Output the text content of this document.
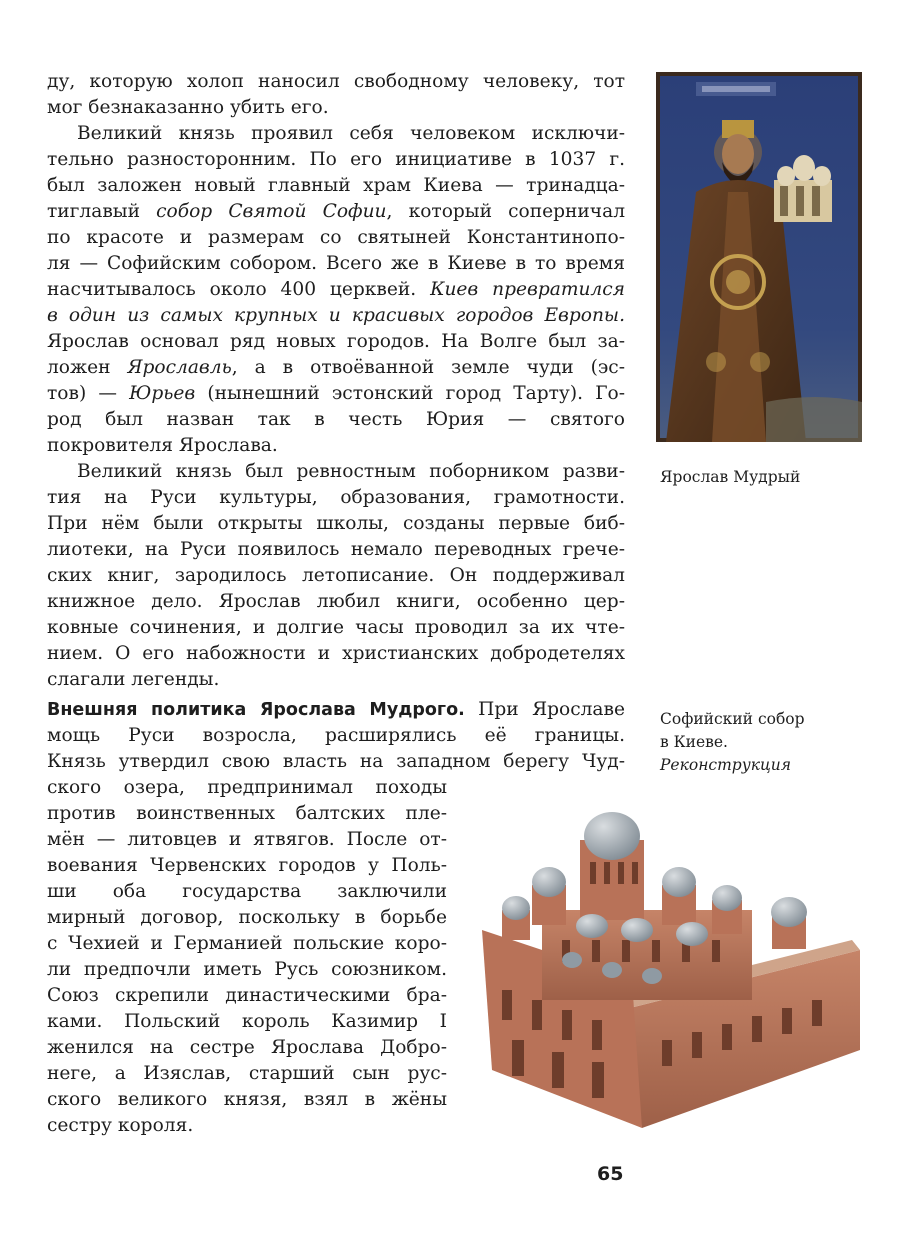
ду, которую холоп наносил свободному человеку, тот
мог безнаказанно убить его.
Великий князь проявил себя человеком исключи-
тельно разносторонним. По его инициативе в 1037 г.
был заложен новый главный храм Киева — тринадца-
тиглавый собор Святой Софии, который соперничал
по красоте и размерам со святыней Константинопо-
ля — Софийским собором. Всего же в Киеве в то время
насчитывалось около 400 церквей. Киев превратился
в один из самых крупных и красивых городов Европы.
Ярослав основал ряд новых городов. На Волге был за-
ложен Ярославль, а в отвоёванной земле чуди (эс-
тов) — Юрьев (нынешний эстонский город Тарту). Го-
род был назван так в честь Юрия — святого
покровителя Ярослава.
Великий князь был ревностным поборником разви-
тия на Руси культуры, образования, грамотности.
При нём были открыты школы, созданы первые биб-
лиотеки, на Руси появилось немало переводных грече-
ских книг, зародилось летописание. Он поддерживал
книжное дело. Ярослав любил книги, особенно цер-
ковные сочинения, и долгие часы проводил за их чте-
нием. О его набожности и христианских добродетелях
слагали легенды.
Внешняя политика Ярослава Мудрого. При Ярославе
мощь Руси возросла, расширялись её границы.
Князь утвердил свою власть на западном берегу Чуд-
ского озера, предпринимал походы
против воинственных балтских пле-
мён — литовцев и ятвягов. После от-
воевания Червенских городов у Поль-
ши оба государства заключили
мирный договор, поскольку в борьбе
с Чехией и Германией польские коро-
ли предпочли иметь Русь союзником.
Союз скрепили династическими бра-
ками. Польский король Казимир I
женился на сестре Ярослава Добро-
неге, а Изяслав, старший сын рус-
ского великого князя, взял в жёны
сестру короля.
Ярослав Мудрый
Софийский собор
в Киеве.
Реконструкция
65
